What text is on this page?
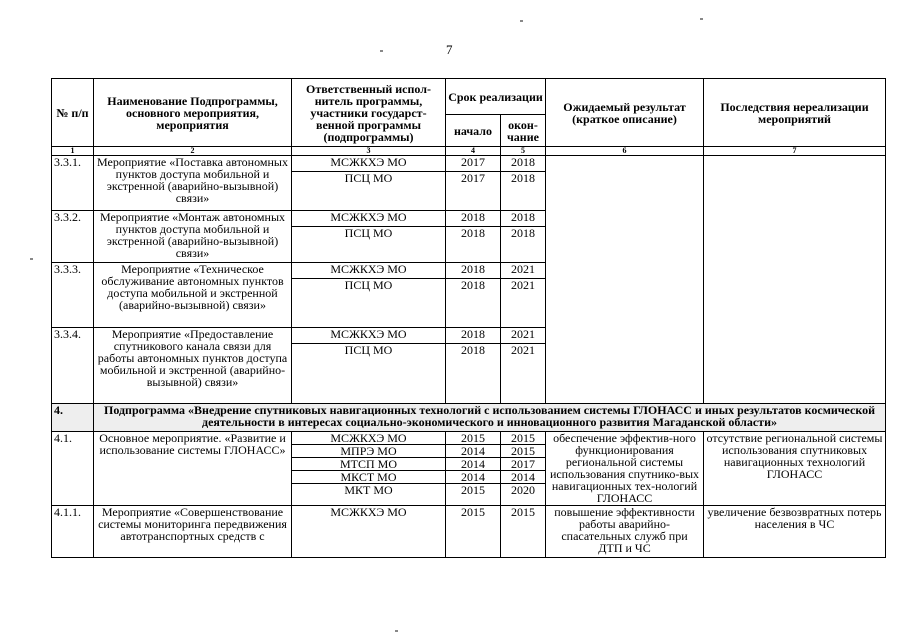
7
№ п/п	Наименование Подпрограммы, основного мероприятия, мероприятия	Ответственный испол-нитель программы, участники государст-венной программы (подпрограммы)	Срок реализации		Ожидаемый результат (краткое описание)	Последствия нереализации мероприятий
			начало	окон-чание		
1	2	3	4	5	6	7
3.3.1.	Мероприятие «Поставка автономных пунктов доступа мобильной и экстренной (аварийно-вызывной) связи»	МСЖКХЭ МО	2017	2018		
		ПСЦ МО	2017	2018		
3.3.2.	Мероприятие «Монтаж автономных пунктов доступа мобильной и экстренной (аварийно-вызывной) связи»	МСЖКХЭ МО	2018	2018		
		ПСЦ МО	2018	2018		
3.3.3.	Мероприятие «Техническое обслуживание автономных пунктов доступа мобильной и экстренной (аварийно-вызывной) связи»	МСЖКХЭ МО	2018	2021		
		ПСЦ МО	2018	2021		
3.3.4.	Мероприятие «Предоставление спутникового канала связи для работы автономных пунктов доступа мобильной и экстренной (аварийно-вызывной) связи»	МСЖКХЭ МО	2018	2021		
		ПСЦ МО	2018	2021		
4.	Подпрограмма «Внедрение спутниковых навигационных технологий с использованием системы ГЛОНАСС и иных результатов космической деятельности в интересах социально-экономического и инновационного развития Магаданской области»					
4.1.	Основное мероприятие. «Развитие и использование системы ГЛОНАСС»	МСЖКХЭ МО	2015	2015	обеспечение эффектив-ного функционирования региональной системы использования спутнико-вых навигационных тех-нологий ГЛОНАСС	отсутствие региональной системы использования спутниковых навигационных технологий ГЛОНАСС
		МПРЭ МО	2014	2015		
		МТСП МО	2014	2017		
		МКСТ МО	2014	2014		
		МКТ МО	2015	2020		
4.1.1.	Мероприятие «Совершенствование системы мониторинга передвижения автотранспортных средств с	МСЖКХЭ МО	2015	2015	повышение эффективности работы аварийно-спасательных служб при ДТП и ЧС	увеличение безвозвратных потерь населения в ЧС
